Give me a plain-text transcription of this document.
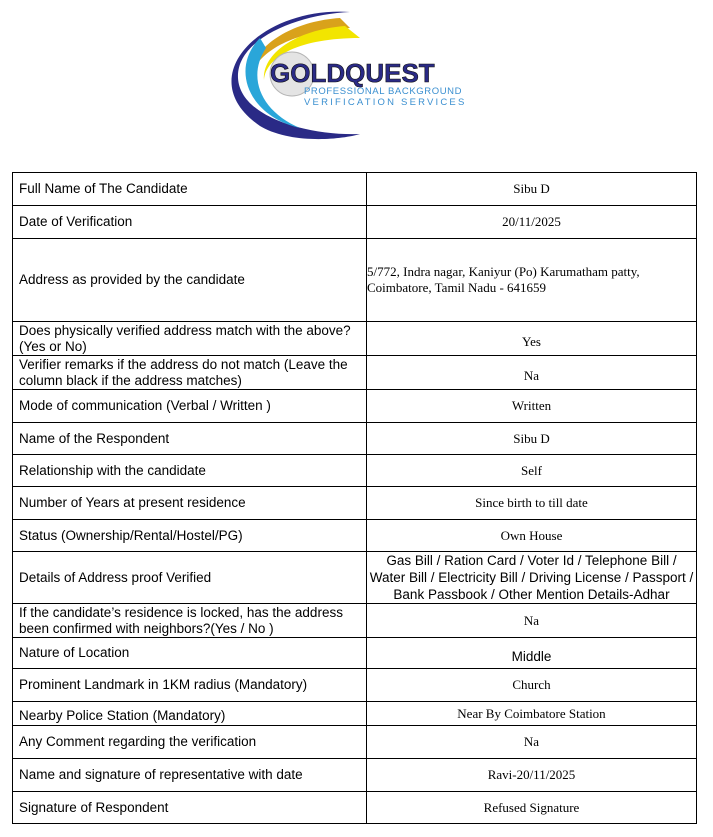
GOLDQUEST
PROFESSIONAL BACKGROUND
VERIFICATION SERVICES
Full Name of The Candidate	Sibu D
Date of Verification	20/11/2025
Address as provided by the candidate	5/772, Indra nagar, Kaniyur (Po) Karumatham patty, Coimbatore, Tamil Nadu - 641659
Does physically verified address match with the above? (Yes or No)	Yes
Verifier remarks if the address do not match (Leave the column black if the address matches)	Na
Mode of communication (Verbal / Written )	Written
Name of the Respondent	Sibu D
Relationship with the candidate	Self
Number of Years at present residence	Since birth to till date
Status (Ownership/Rental/Hostel/PG)	Own House
Details of Address proof Verified	Gas Bill / Ration Card / Voter Id / Telephone Bill / Water Bill / Electricity Bill / Driving License / Passport / Bank Passbook / Other Mention Details-Adhar
If the candidate’s residence is locked, has the address been confirmed with neighbors?(Yes / No )	Na
Nature of Location	Middle
Prominent Landmark in 1KM radius (Mandatory)	Church
Nearby Police Station (Mandatory)	Near By Coimbatore Station
Any Comment regarding the verification	Na
Name and signature of representative with date	Ravi-20/11/2025
Signature of Respondent	Refused Signature
